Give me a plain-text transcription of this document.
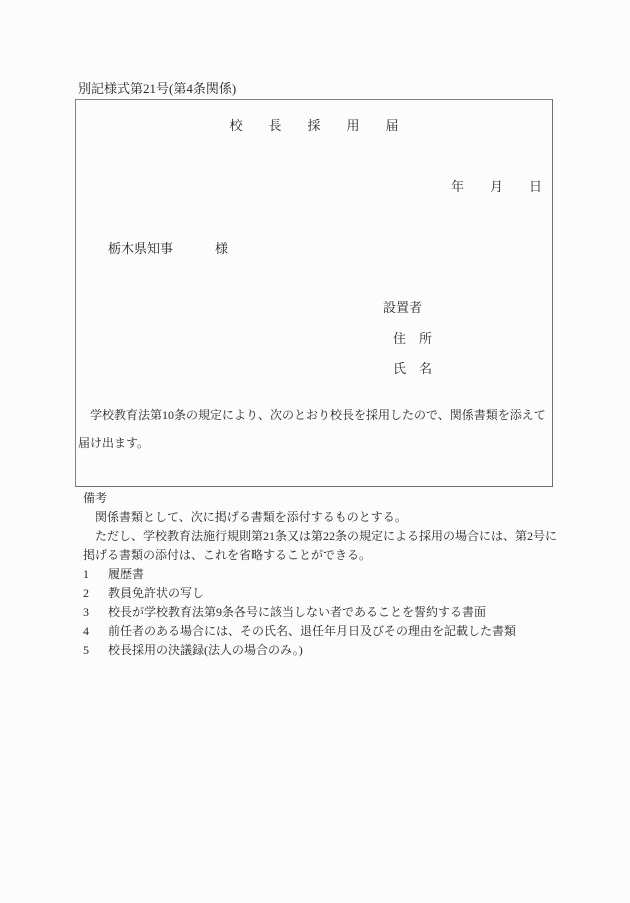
別記様式第21号(第4条関係)
校　　長　　採　　用　　届
年　　月　　日
栃木県知事	様
設置者
住　所
氏　名
　学校教育法第10条の規定により、次のとおり校長を採用したので、関係書類を添えて
届け出ます。
備考
　関係書類として、次に掲げる書類を添付するものとする。
　ただし、学校教育法施行規則第21条又は第22条の規定による採用の場合には、第2号に
掲げる書類の添付は、これを省略することができる。
1 履歴書
2 教員免許状の写し
3 校長が学校教育法第9条各号に該当しない者であることを誓約する書面
4 前任者のある場合には、その氏名、退任年月日及びその理由を記載した書類
5 校長採用の決議録(法人の場合のみ。)
